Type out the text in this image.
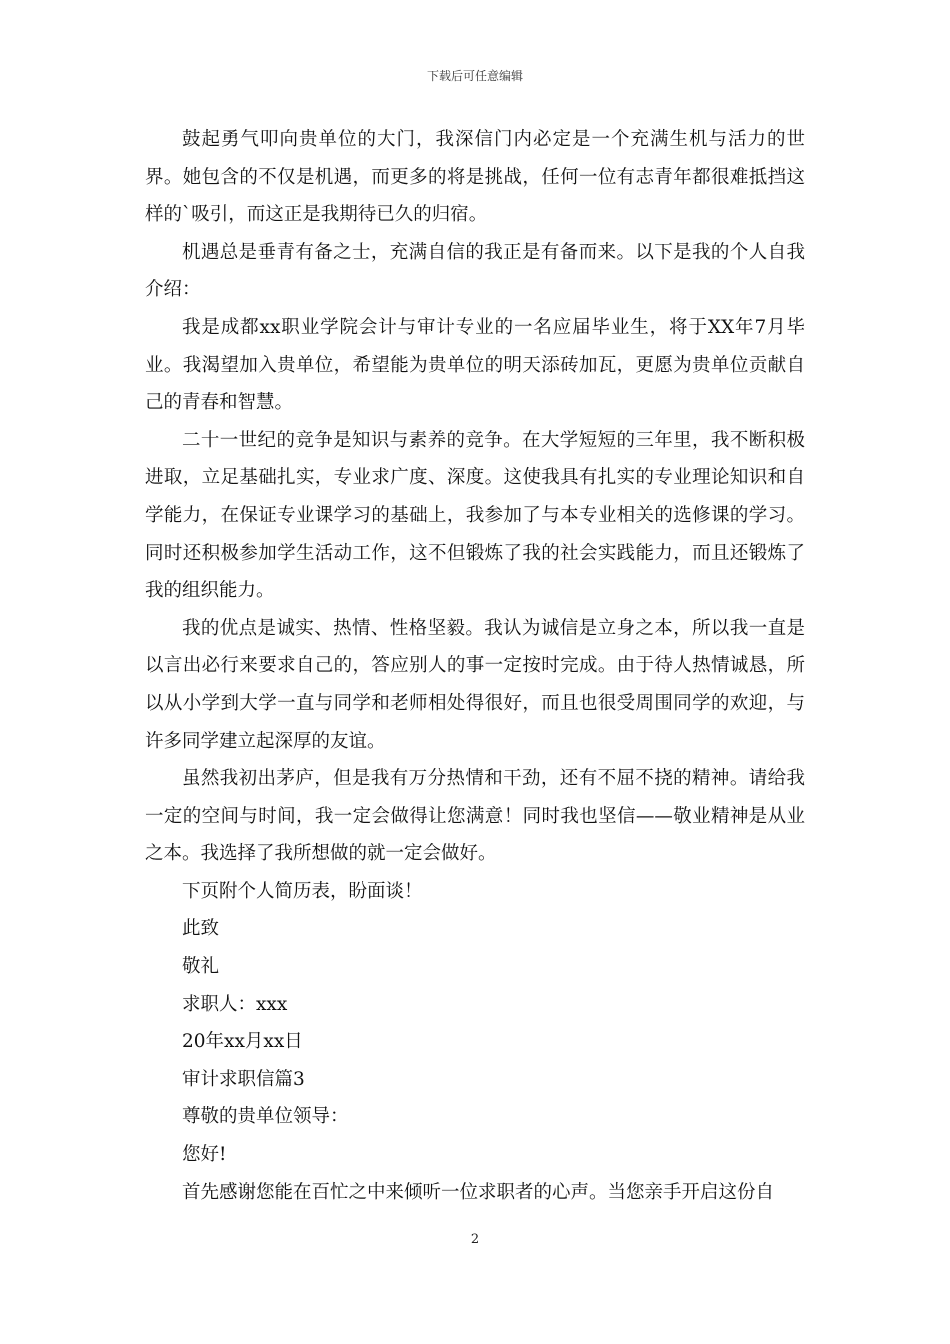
下载后可任意编辑

鼓起勇气叩向贵单位的大门，我深信门内必定是一个充满生机与活力的世界。她包含的不仅是机遇，而更多的将是挑战，任何一位有志青年都很难抵挡这样的`吸引，而这正是我期待已久的归宿。

机遇总是垂青有备之士，充满自信的我正是有备而来。以下是我的个人自我介绍：

我是成都xx职业学院会计与审计专业的一名应届毕业生，将于XX年7月毕业。我渴望加入贵单位，希望能为贵单位的明天添砖加瓦，更愿为贵单位贡献自己的青春和智慧。

二十一世纪的竞争是知识与素养的竞争。在大学短短的三年里，我不断积极进取，立足基础扎实，专业求广度、深度。这使我具有扎实的专业理论知识和自学能力，在保证专业课学习的基础上，我参加了与本专业相关的选修课的学习。同时还积极参加学生活动工作，这不但锻炼了我的社会实践能力，而且还锻炼了我的组织能力。

我的优点是诚实、热情、性格坚毅。我认为诚信是立身之本，所以我一直是以言出必行来要求自己的，答应别人的事一定按时完成。由于待人热情诚恳，所以从小学到大学一直与同学和老师相处得很好，而且也很受周围同学的欢迎，与许多同学建立起深厚的友谊。

虽然我初出茅庐，但是我有万分热情和干劲，还有不屈不挠的精神。请给我一定的空间与时间，我一定会做得让您满意！同时我也坚信——敬业精神是从业之本。我选择了我所想做的就一定会做好。

下页附个人简历表，盼面谈！

此致

敬礼

求职人：xxx

20年xx月xx日

审计求职信篇3

尊敬的贵单位领导：

您好!

首先感谢您能在百忙之中来倾听一位求职者的心声。当您亲手开启这份自

2
